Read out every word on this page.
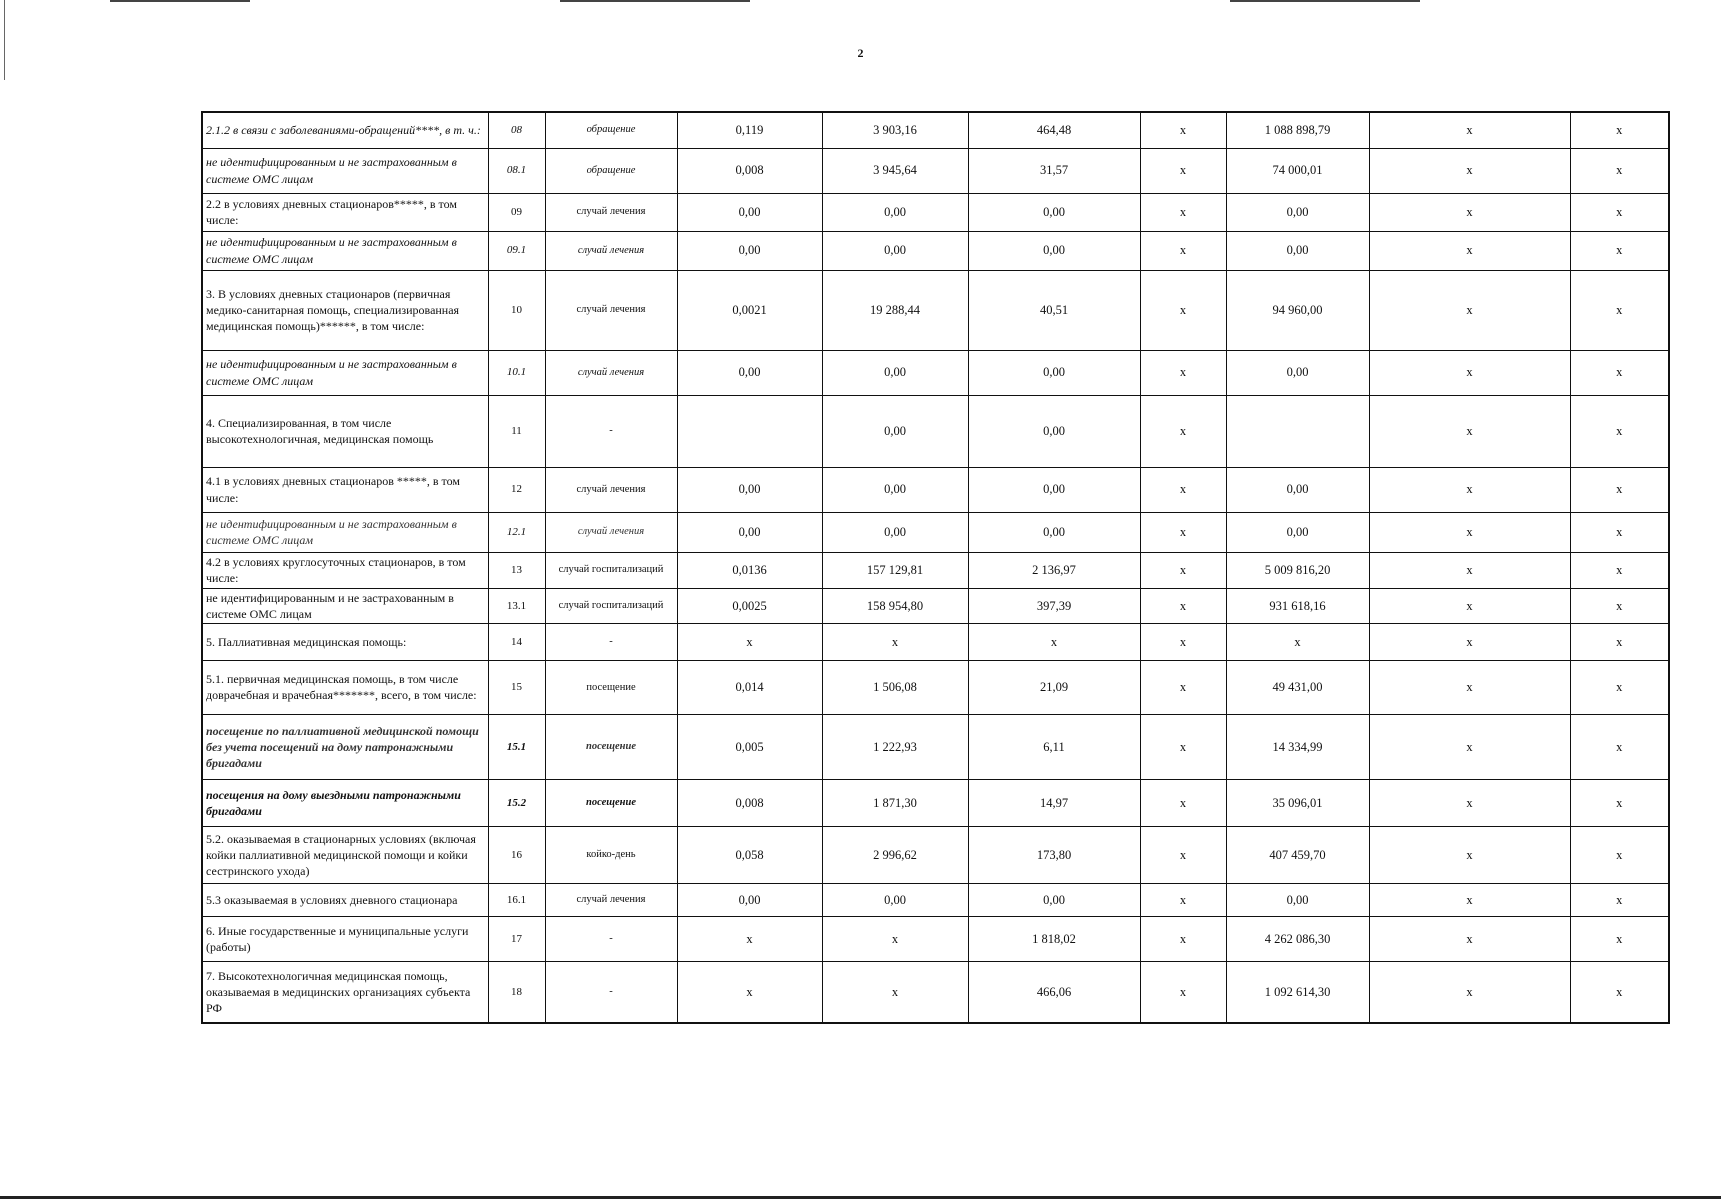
2
2.1.2 в связи с заболеваниями-обращений****, в т. ч.:	08	обращение	0,119	3 903,16	464,48	x	1 088 898,79	x	x
не идентифицированным и не застрахованным в системе ОМС лицам	08.1	обращение	0,008	3 945,64	31,57	x	74 000,01	x	x
2.2 в условиях дневных стационаров*****, в том числе:	09	случай лечения	0,00	0,00	0,00	x	0,00	x	x
не идентифицированным и не застрахованным в системе ОМС лицам	09.1	случай лечения	0,00	0,00	0,00	x	0,00	x	x
3. В условиях дневных стационаров (первичная медико-санитарная помощь, специализированная медицинская помощь)******, в том числе:	10	случай лечения	0,0021	19 288,44	40,51	x	94 960,00	x	x
не идентифицированным и не застрахованным в системе ОМС лицам	10.1	случай лечения	0,00	0,00	0,00	x	0,00	x	x
4. Специализированная, в том числе высокотехнологичная, медицинская помощь	11	-		0,00	0,00	x		x	x
4.1 в условиях дневных стационаров *****, в том числе:	12	случай лечения	0,00	0,00	0,00	x	0,00	x	x
не идентифицированным и не застрахованным в системе ОМС лицам	12.1	случай лечения	0,00	0,00	0,00	x	0,00	x	x
4.2 в условиях круглосуточных стационаров, в том числе:	13	случай госпитализаций	0,0136	157 129,81	2 136,97	x	5 009 816,20	x	x
не идентифицированным и не застрахованным в системе ОМС лицам	13.1	случай госпитализаций	0,0025	158 954,80	397,39	x	931 618,16	x	x
5. Паллиативная медицинская помощь:	14	-	x	x	x	x	x	x	x
5.1. первичная медицинская помощь, в том числе доврачебная и врачебная*******, всего, в том числе:	15	посещение	0,014	1 506,08	21,09	x	49 431,00	x	x
посещение по паллиативной медицинской помощи без учета посещений на дому патронажными бригадами	15.1	посещение	0,005	1 222,93	6,11	x	14 334,99	x	x
посещения на дому выездными патронажными бригадами	15.2	посещение	0,008	1 871,30	14,97	x	35 096,01	x	x
5.2. оказываемая в стационарных условиях (включая койки паллиативной медицинской помощи и койки сестринского ухода)	16	койко-день	0,058	2 996,62	173,80	x	407 459,70	x	x
5.3 оказываемая в условиях дневного стационара	16.1	случай лечения	0,00	0,00	0,00	x	0,00	x	x
6. Иные государственные и муниципальные услуги (работы)	17	-	x	x	1 818,02	x	4 262 086,30	x	x
7. Высокотехнологичная медицинская помощь, оказываемая в медицинских организациях субъекта РФ	18	-	x	x	466,06	x	1 092 614,30	x	x
